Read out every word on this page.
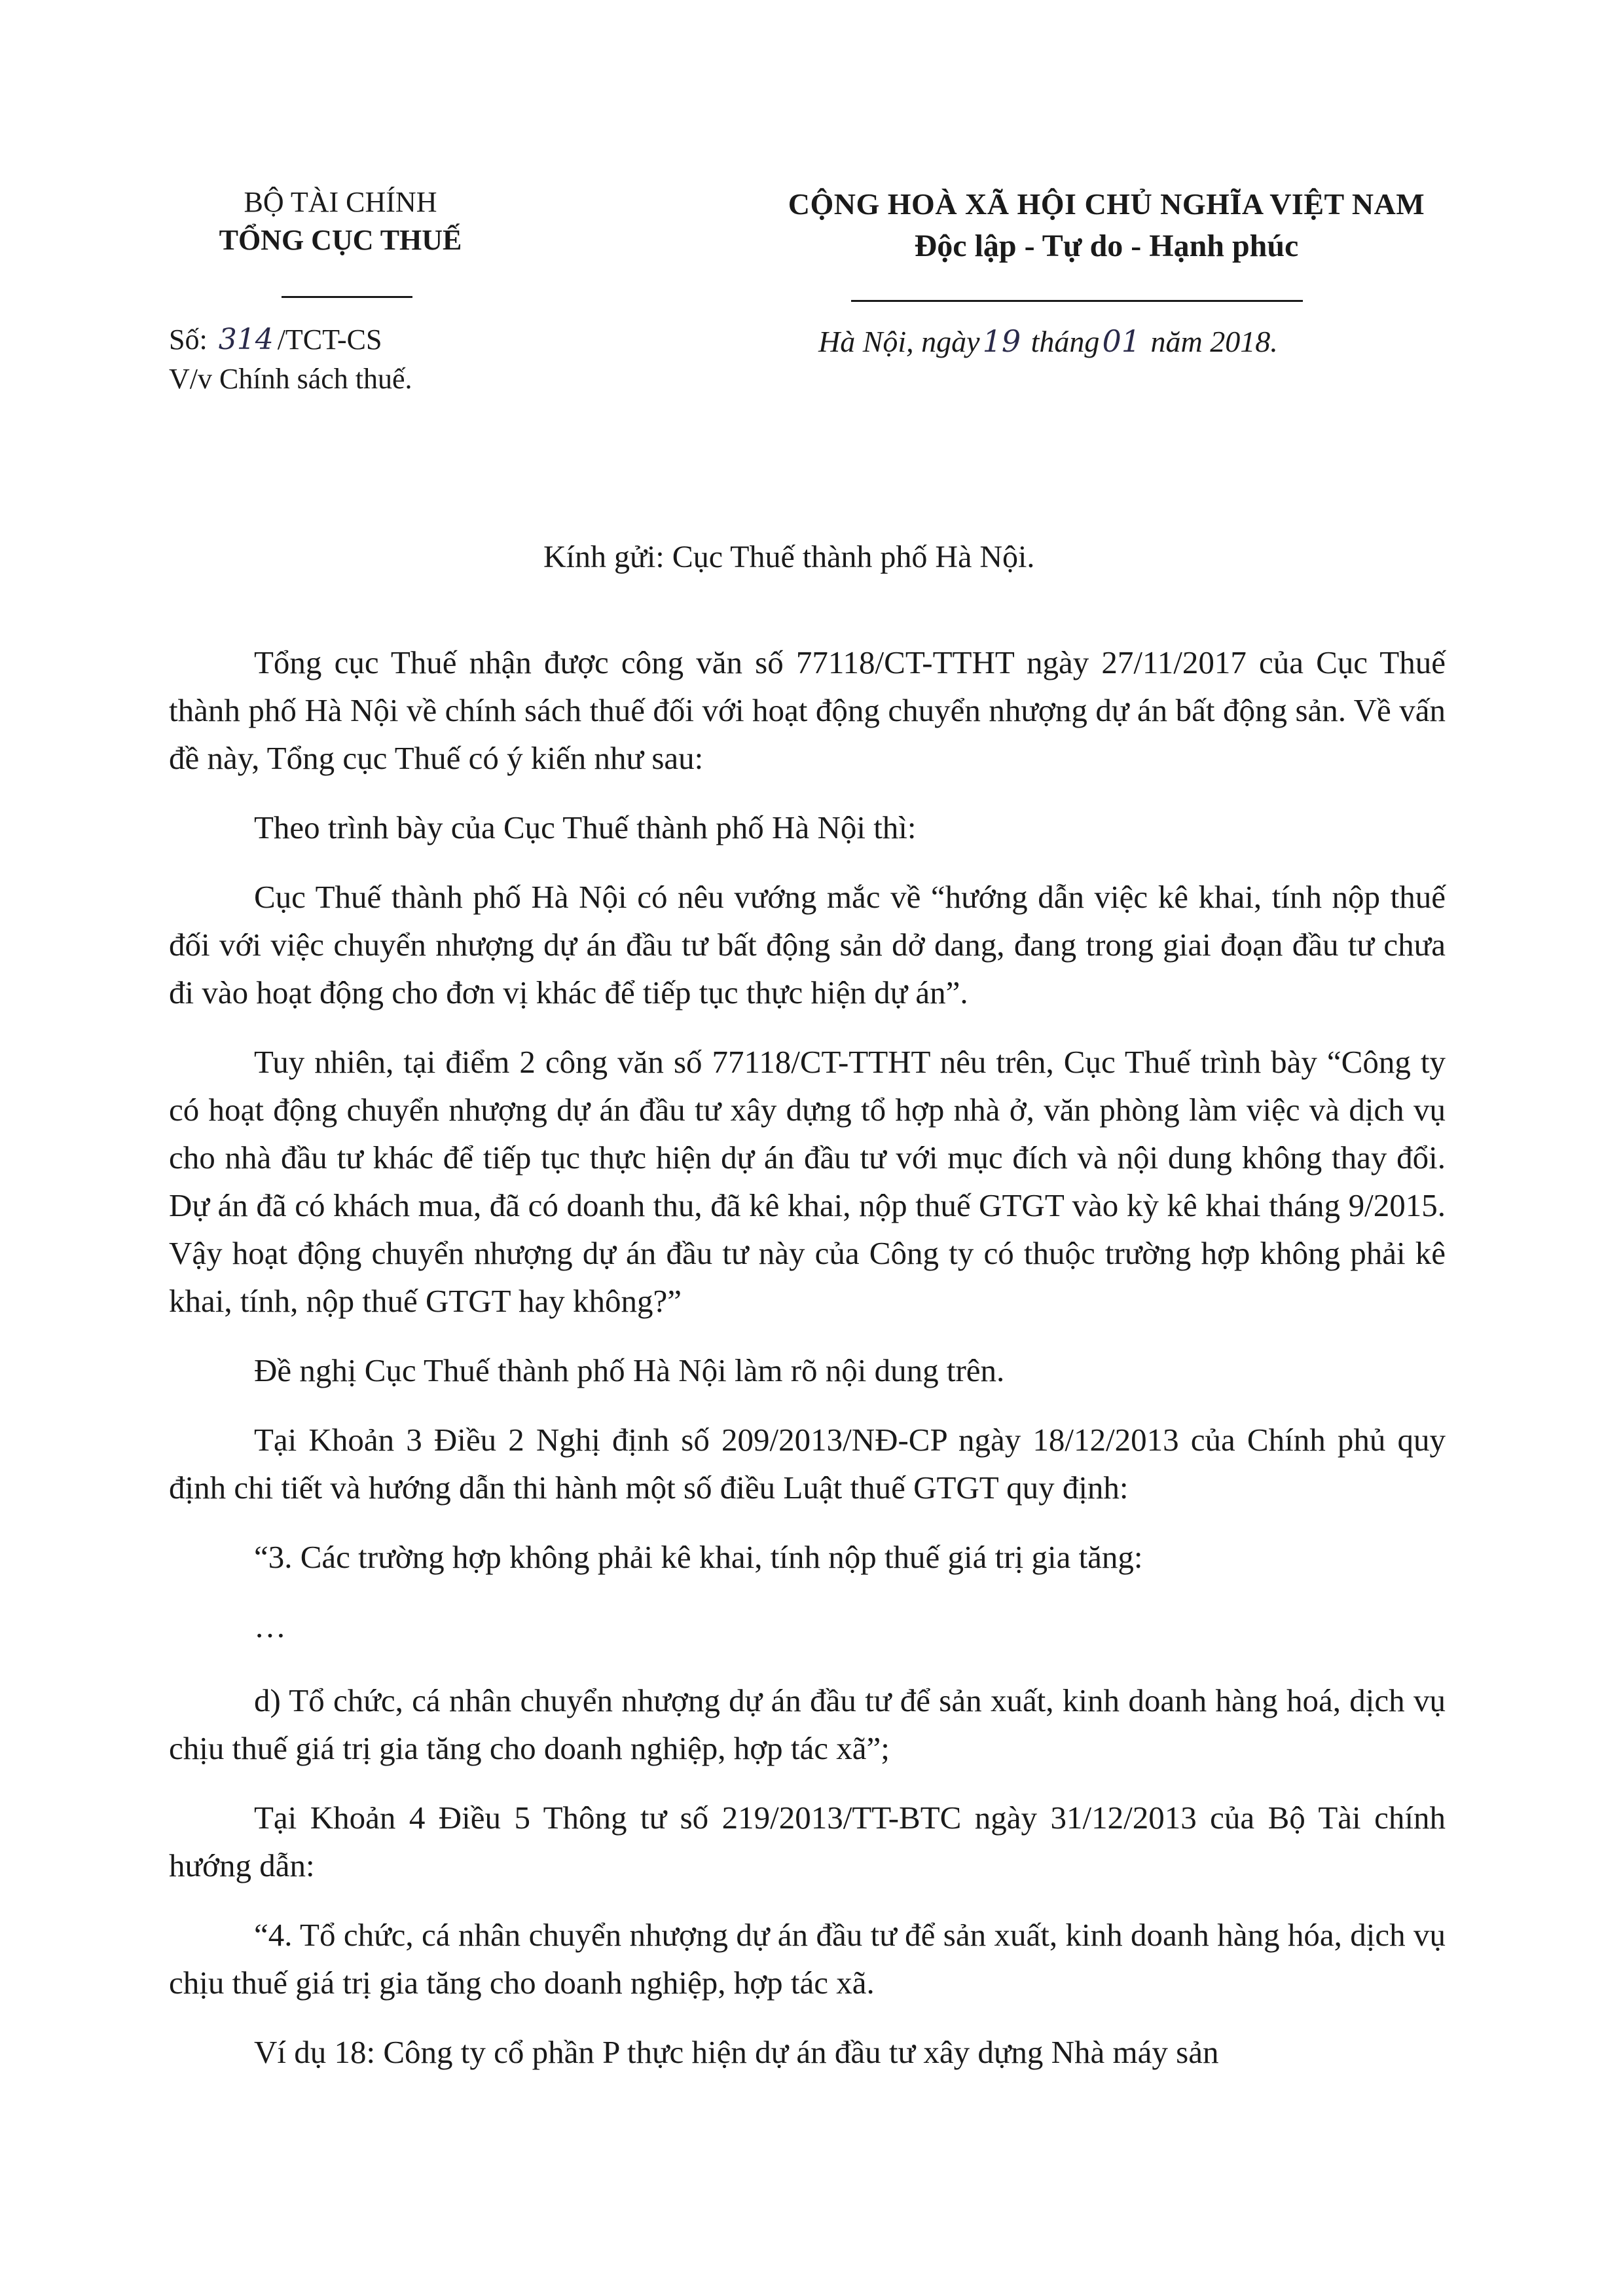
BỘ TÀI CHÍNH
TỔNG CỤC THUẾ
CỘNG HOÀ XÃ HỘI CHỦ NGHĨA VIỆT NAM
Độc lập - Tự do - Hạnh phúc
Số: 314 /TCT-CS
V/v Chính sách thuế.
Hà Nội, ngày19 tháng01 năm 2018.
Kính gửi: Cục Thuế thành phố Hà Nội.

Tổng cục Thuế nhận được công văn số 77118/CT-TTHT ngày 27/11/2017 của Cục Thuế thành phố Hà Nội về chính sách thuế đối với hoạt động chuyển nhượng dự án bất động sản. Về vấn đề này, Tổng cục Thuế có ý kiến như sau:

Theo trình bày của Cục Thuế thành phố Hà Nội thì:

Cục Thuế thành phố Hà Nội có nêu vướng mắc về “hướng dẫn việc kê khai, tính nộp thuế đối với việc chuyển nhượng dự án đầu tư bất động sản dở dang, đang trong giai đoạn đầu tư chưa đi vào hoạt động cho đơn vị khác để tiếp tục thực hiện dự án”.

Tuy nhiên, tại điểm 2 công văn số 77118/CT-TTHT nêu trên, Cục Thuế trình bày “Công ty có hoạt động chuyển nhượng dự án đầu tư xây dựng tổ hợp nhà ở, văn phòng làm việc và dịch vụ cho nhà đầu tư khác để tiếp tục thực hiện dự án đầu tư với mục đích và nội dung không thay đổi. Dự án đã có khách mua, đã có doanh thu, đã kê khai, nộp thuế GTGT vào kỳ kê khai tháng 9/2015. Vậy hoạt động chuyển nhượng dự án đầu tư này của Công ty có thuộc trường hợp không phải kê khai, tính, nộp thuế GTGT hay không?”

Đề nghị Cục Thuế thành phố Hà Nội làm rõ nội dung trên.

Tại Khoản 3 Điều 2 Nghị định số 209/2013/NĐ-CP ngày 18/12/2013 của Chính phủ quy định chi tiết và hướng dẫn thi hành một số điều Luật thuế GTGT quy định:

“3. Các trường hợp không phải kê khai, tính nộp thuế giá trị gia tăng:

…

d) Tổ chức, cá nhân chuyển nhượng dự án đầu tư để sản xuất, kinh doanh hàng hoá, dịch vụ chịu thuế giá trị gia tăng cho doanh nghiệp, hợp tác xã”;

Tại Khoản 4 Điều 5 Thông tư số 219/2013/TT-BTC ngày 31/12/2013 của Bộ Tài chính hướng dẫn:

“4. Tổ chức, cá nhân chuyển nhượng dự án đầu tư để sản xuất, kinh doanh hàng hóa, dịch vụ chịu thuế giá trị gia tăng cho doanh nghiệp, hợp tác xã.

Ví dụ 18: Công ty cổ phần P thực hiện dự án đầu tư xây dựng Nhà máy sản
